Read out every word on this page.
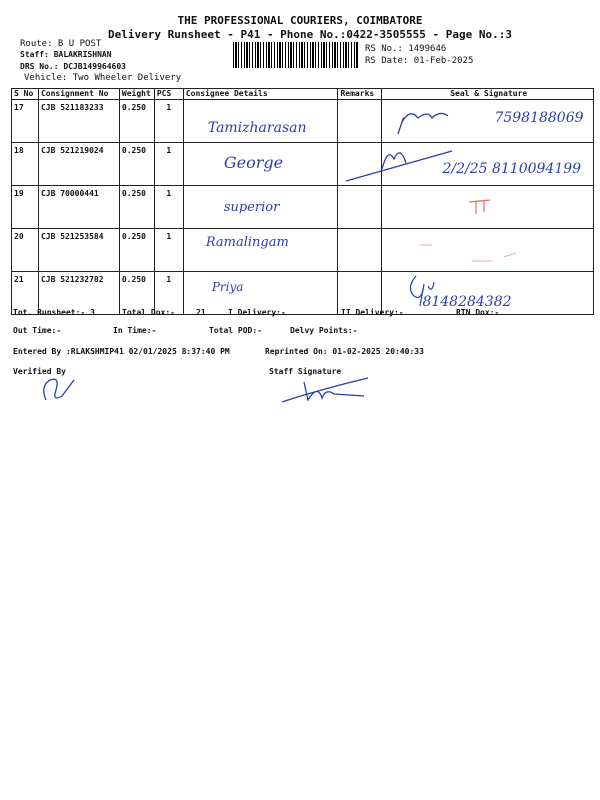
THE PROFESSIONAL COURIERS, COIMBATORE
Delivery Runsheet - P41 - Phone No.:0422-3505555 - Page No.:3
Route: B U POST
Staff: BALAKRISHNAN
DRS No.: DCJB149964603
Vehicle: Two Wheeler Delivery
RS No.: 1499646
RS Date: 01-Feb-2025
S No	Consignment No	Weight	PCS	Consignee Details	Remarks	Seal & Signature
17	CJB 521183233	0.250	1	Tamizharasan		7598188069

18	CJB 521219024	0.250	1	George		2/2/25 8110094199

19	CJB 70000441	0.250	1	superior

20	CJB 521253584	0.250	1	Ramalingam

21	CJB 521232782	0.250	1	Priya		8148284382
Tot. Runsheet:- 3	Total Dox:-	21	I Delivery:-	II Delivery:-	RTN Dox:-
Out Time:-	In Time:-	Total POD:-	Delvy Points:-
Entered By :RLAKSHMIP41 02/01/2025 8:37:40 PM	Reprinted On: 01-02-2025 20:40:33
Verified By	Staff Signature
